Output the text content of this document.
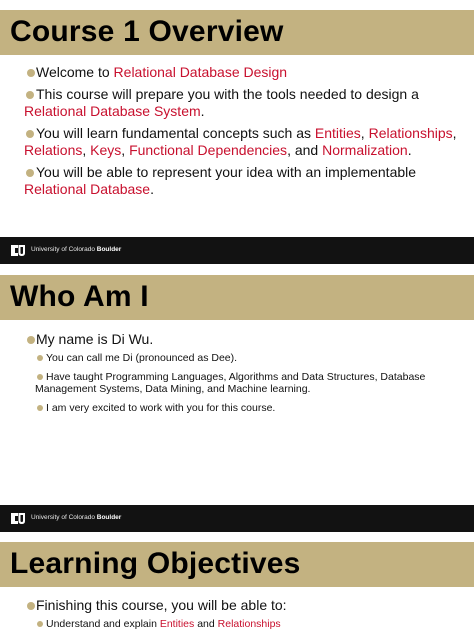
Course 1 Overview
Welcome to Relational Database Design
This course will prepare you with the tools needed to design a Relational Database System.
You will learn fundamental concepts such as Entities, Relationships, Relations, Keys, Functional Dependencies, and Normalization.
You will be able to represent your idea with an implementable Relational Database.
University of Colorado Boulder
Who Am I
My name is Di Wu.
You can call me Di (pronounced as Dee).
Have taught Programming Languages, Algorithms and Data Structures, Database Management Systems, Data Mining, and Machine learning.
I am very excited to work with you for this course.
University of Colorado Boulder
Learning Objectives
Finishing this course, you will be able to:
Understand and explain Entities and Relationships
